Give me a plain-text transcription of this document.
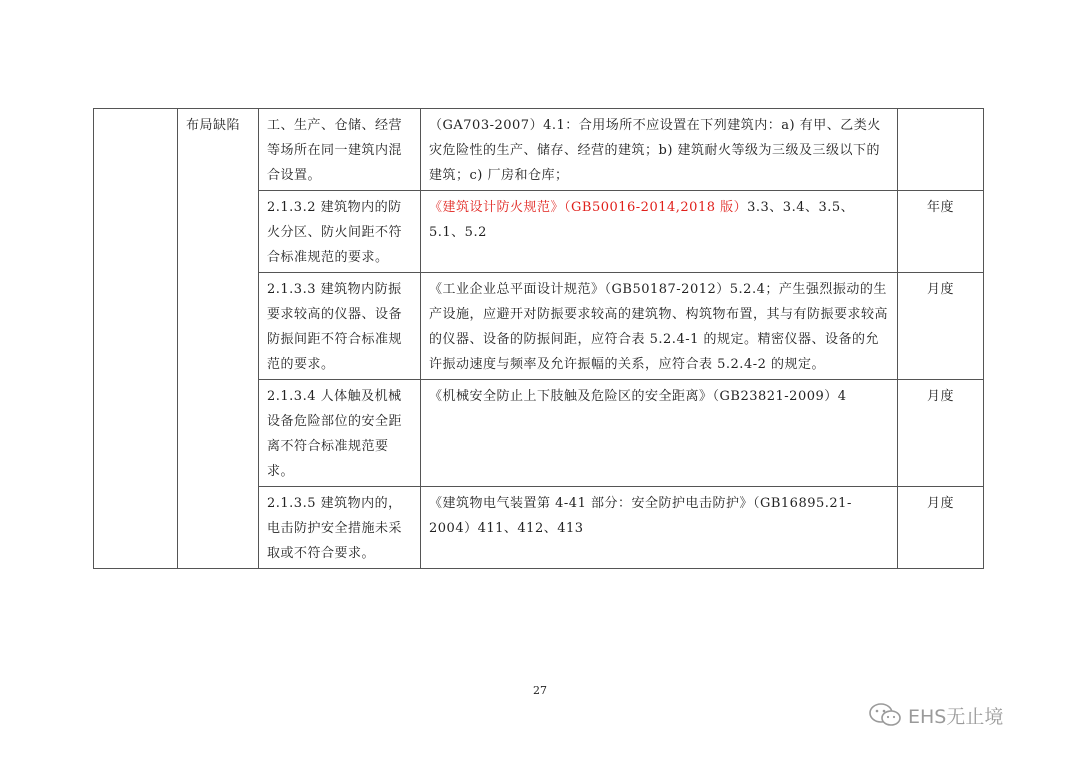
	布局缺陷	工、生产、仓储、经营等场所在同一建筑内混合设置。	（GA703-2007）4.1：合用场所不应设置在下列建筑内：a) 有甲、乙类火灾危险性的生产、储存、经营的建筑；b) 建筑耐火等级为三级及三级以下的建筑；c) 厂房和仓库；	
		2.1.3.2 建筑物内的防火分区、防火间距不符合标准规范的要求。	《建筑设计防火规范》（GB50016-2014,2018 版）3.3、3.4、3.5、5.1、5.2	年度
		2.1.3.3 建筑物内防振要求较高的仪器、设备防振间距不符合标准规范的要求。	《工业企业总平面设计规范》（GB50187-2012）5.2.4；产生强烈振动的生产设施，应避开对防振要求较高的建筑物、构筑物布置，其与有防振要求较高的仪器、设备的防振间距，应符合表 5.2.4-1 的规定。精密仪器、设备的允许振动速度与频率及允许振幅的关系，应符合表 5.2.4-2 的规定。	月度
		2.1.3.4 人体触及机械设备危险部位的安全距离不符合标准规范要求。	《机械安全防止上下肢触及危险区的安全距离》（GB23821-2009）4	月度
		2.1.3.5 建筑物内的，电击防护安全措施未采取或不符合要求。	《建筑物电气装置第 4-41 部分：安全防护电击防护》（GB16895.21-2004）411、412、413	月度
27
EHS无止境
